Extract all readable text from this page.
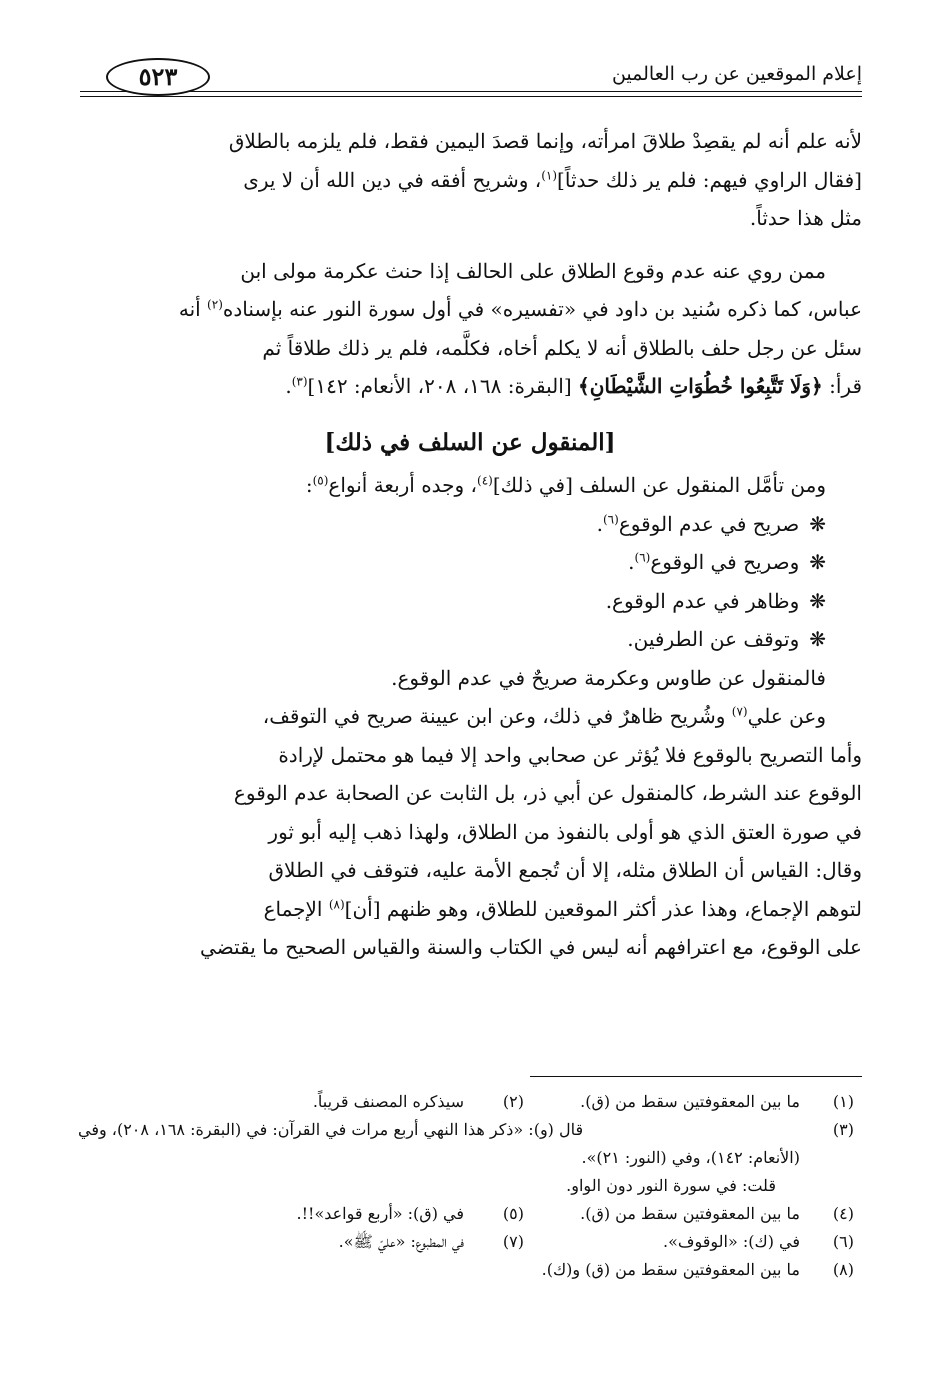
إعلام الموقعين عن رب العالمين
٥٢٣

لأنه علم أنه لم يقصِدْ طلاقَ امرأته، وإنما قصدَ اليمين فقط، فلم يلزمه بالطلاق

[فقال الراوي فيهم: فلم ير ذلك حدثاً]$^{(١)}$، وشريح أفقه في دين الله أن لا يرى

مثل هذا حدثاً.

ممن روي عنه عدم وقوع الطلاق على الحالف إذا حنث عكرمة مولى ابن

عباس، كما ذكره سُنيد بن داود في «تفسيره» في أول سورة النور عنه بإسناده$^{(٢)}$ أنه

سئل عن رجل حلف بالطلاق أنه لا يكلم أخاه، فكلَّمه، فلم ير ذلك طلاقاً ثم

قرأ: ﴿وَلَا تَتَّبِعُوا خُطُوَاتِ الشَّيْطَانِ﴾ [البقرة: ١٦٨، ٢٠٨، الأنعام: ١٤٢]$^{(٣)}$.

[المنقول عن السلف في ذلك]

ومن تأمَّل المنقول عن السلف [في ذلك]$^{(٤)}$، وجده أربعة أنواع$^{(٥)}$:

❋صريح في عدم الوقوع$^{(٦)}$.
❋وصريح في الوقوع$^{(٦)}$.
❋وظاهر في عدم الوقوع.
❋وتوقف عن الطرفين.

فالمنقول عن طاوس وعكرمة صريحٌ في عدم الوقوع.

وعن علي$^{(٧)}$ وشُريح ظاهرٌ في ذلك، وعن ابن عيينة صريح في التوقف،

وأما التصريح بالوقوع فلا يُؤثر عن صحابي واحد إلا فيما هو محتمل لإرادة

الوقوع عند الشرط، كالمنقول عن أبي ذر، بل الثابت عن الصحابة عدم الوقوع

في صورة العتق الذي هو أولى بالنفوذ من الطلاق، ولهذا ذهب إليه أبو ثور

وقال: القياس أن الطلاق مثله، إلا أن تُجمع الأمة عليه، فتوقف في الطلاق

لتوهم الإجماع، وهذا عذر أكثر الموقعين للطلاق، وهو ظنهم [أن]$^{(٨)}$ الإجماع

على الوقوع، مع اعترافهم أنه ليس في الكتاب والسنة والقياس الصحيح ما يقتضي

(١)
ما بين المعقوفتين سقط من (ق).
(٢)
سيذكره المصنف قريباً.
(٣)
قال (و): «ذكر هذا النهي أربع مرات في القرآن: في (البقرة: ١٦٨، ٢٠٨)، وفي
(الأنعام: ١٤٢)، وفي (النور: ٢١)».
قلت: في سورة النور دون الواو.
(٤)
ما بين المعقوفتين سقط من (ق).
(٥)
في (ق): «أربع قواعد»!!.
(٦)
في (ك): «الوقوف».
(٧)
في المطبوع: «عليّ ﷺ».
(٨)
ما بين المعقوفتين سقط من (ق) و(ك).
